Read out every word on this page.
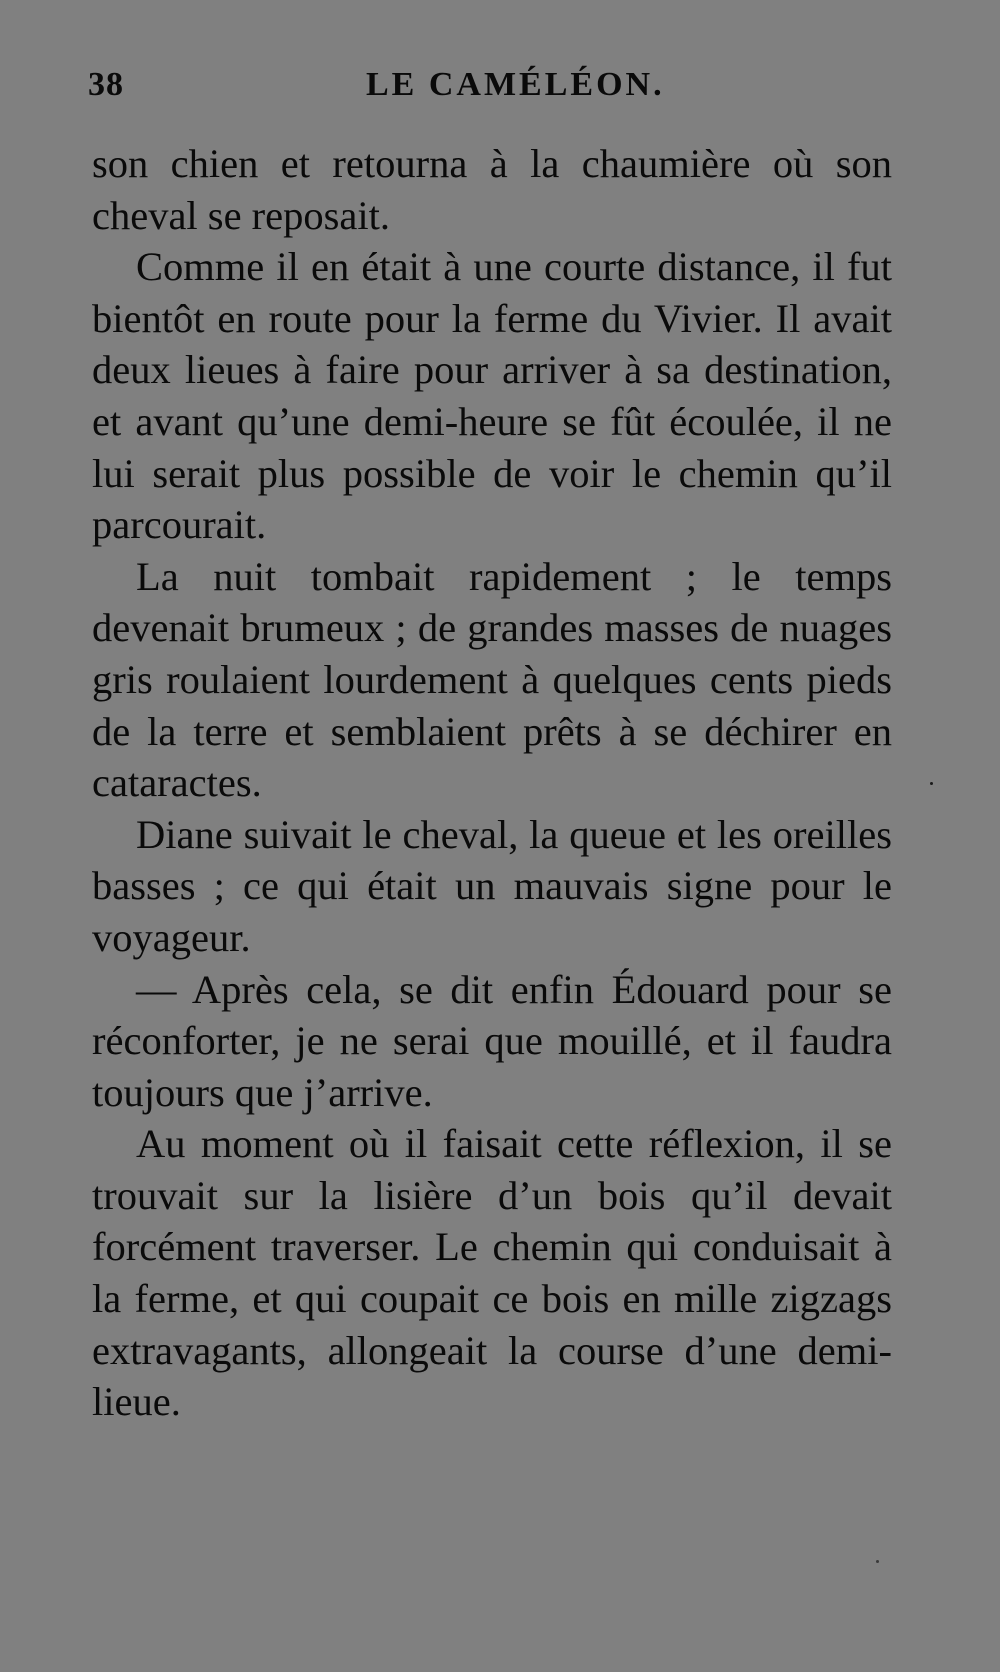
38	LE CAMÉLÉON.

son chien et retourna à la chaumière où son cheval se reposait.

Comme il en était à une courte distance, il fut bientôt en route pour la ferme du Vivier. Il avait deux lieues à faire pour arriver à sa destination, et avant qu’une demi-heure se fût écoulée, il ne lui serait plus possible de voir le chemin qu’il parcourait.

La nuit tombait rapidement ; le temps devenait brumeux ; de grandes masses de nuages gris roulaient lourdement à quelques cents pieds de la terre et semblaient prêts à se déchirer en cataractes.

Diane suivait le cheval, la queue et les oreilles basses ; ce qui était un mauvais signe pour le voyageur.

— Après cela, se dit enfin Édouard pour se réconforter, je ne serai que mouillé, et il faudra toujours que j’arrive.

Au moment où il faisait cette réflexion, il se trouvait sur la lisière d’un bois qu’il devait forcément traverser. Le chemin qui conduisait à la ferme, et qui coupait ce bois en mille zigzags extravagants, allongeait la course d’une demi-lieue.
